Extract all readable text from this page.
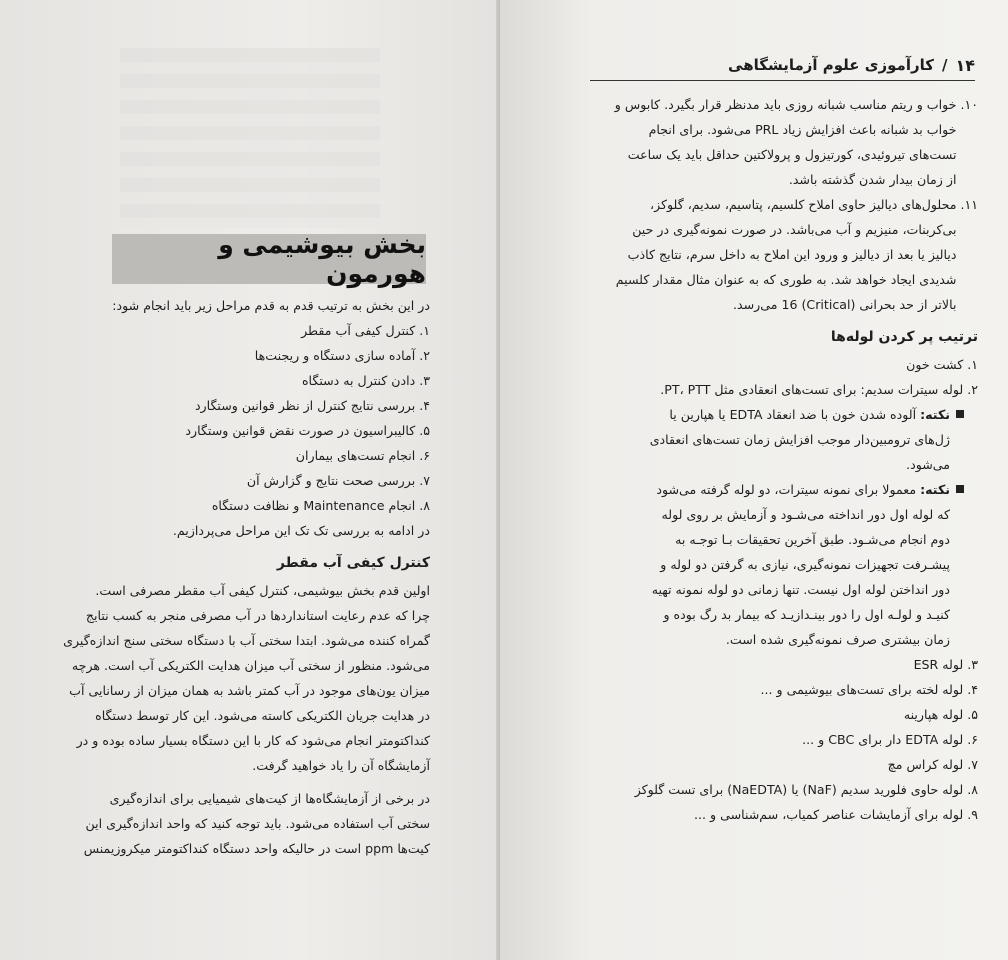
بخش بیوشیمی و هورمون

در این بخش به ترتیب قدم به قدم مراحل زیر باید انجام شود:

۱. کنترل کیفی آب مقطر
۲. آماده سازی دستگاه و ریجنت‌ها
۳. دادن کنترل به دستگاه
۴. بررسی نتایج کنترل از نظر قوانین وستگارد
۵. کالیبراسیون در صورت نقض قوانین وستگارد
۶. انجام تست‌های بیماران
۷. بررسی صحت نتایج و گزارش آن
۸. انجام Maintenance و نظافت دستگاه

در ادامه به بررسی تک تک این مراحل می‌پردازیم.

کنترل کیفی آب مقطر
اولین قدم بخش بیوشیمی، کنترل کیفی آب مقطر مصرفی است.
چرا که عدم رعایت استانداردها در آب مصرفی منجر به کسب نتایج
گمراه کننده می‌شود. ابتدا سختی آب با دستگاه سختی سنج اندازه‌گیری
می‌شود. منظور از سختی آب میزان هدایت الکتریکی آب است. هرچه
میزان یون‌های موجود در آب کمتر باشد به همان میزان از رسانایی آب
در هدایت جریان الکتریکی کاسته می‌شود. این کار توسط دستگاه
کنداکتومتر انجام می‌شود که کار با این دستگاه بسیار ساده بوده و در
آزمایشگاه آن را یاد خواهید گرفت.
در برخی از آزمایشگاه‌ها از کیت‌های شیمیایی برای اندازه‌گیری
سختی آب استفاده می‌شود. باید توجه کنید که واحد اندازه‌گیری این
کیت‌ها ppm است در حالیکه واحد دستگاه کنداکتومتر میکروزیمنس
کارآموزی علوم آزمایشگاهی / ۱۴
۱۰.
خواب و ریتم مناسب شبانه روزی باید مدنظر قرار بگیرد. کابوس و
خواب بد شبانه باعث افزایش زیاد PRL می‌شود. برای انجام
تست‌های تیروئیدی، کورتیزول و پرولاکتین حداقل باید یک ساعت
از زمان بیدار شدن گذشته باشد.
۱۱.
محلول‌های دیالیز حاوی املاح کلسیم، پتاسیم، سدیم، گلوکز،
بی‌کربنات، منیزیم و آب می‌باشد. در صورت نمونه‌گیری در حین
دیالیز یا بعد از دیالیز و ورود این املاح به داخل سرم، نتایج کاذب
شدیدی ایجاد خواهد شد. به طوری که به عنوان مثال مقدار کلسیم
بالاتر از حد بحرانی (Critical) 16 می‌رسد.
ترتیب پر کردن لوله‌ها
۱. کشت خون
۲. لوله سیترات سدیم: برای تست‌های انعقادی مثل PT، PTT.
نکته: آلوده شدن خون با ضد انعقاد EDTA یا هپارین یا
ژل‌های ترومبین‌دار موجب افزایش زمان تست‌های انعقادی
می‌شود.
نکته: معمولا برای نمونه سیترات، دو لوله گرفته می‌شود
که لوله اول دور انداخته می‌شـود و آزمایش بر روی لوله
دوم انجام می‌شـود. طبق آخرین تحقیقات بـا توجـه به
پیشـرفت تجهیزات نمونه‌گیری، نیازی به گرفتن دو لوله و
دور انداختن لوله اول نیست. تنها زمانی دو لوله نمونه تهیه
کنیـد و لولـه اول را دور بینـدازیـد که بیمار بد رگ بوده و
زمان بیشتری صرف نمونه‌گیری شده است.
۳. لوله ESR
۴. لوله لخته برای تست‌های بیوشیمی و ...
۵. لوله هپارینه
۶. لوله EDTA دار برای CBC و ...
۷. لوله کراس مچ
۸. لوله حاوی فلورید سدیم (NaF) یا (NaEDTA) برای تست گلوکز
۹. لوله برای آزمایشات عناصر کمیاب، سم‌شناسی و ...
